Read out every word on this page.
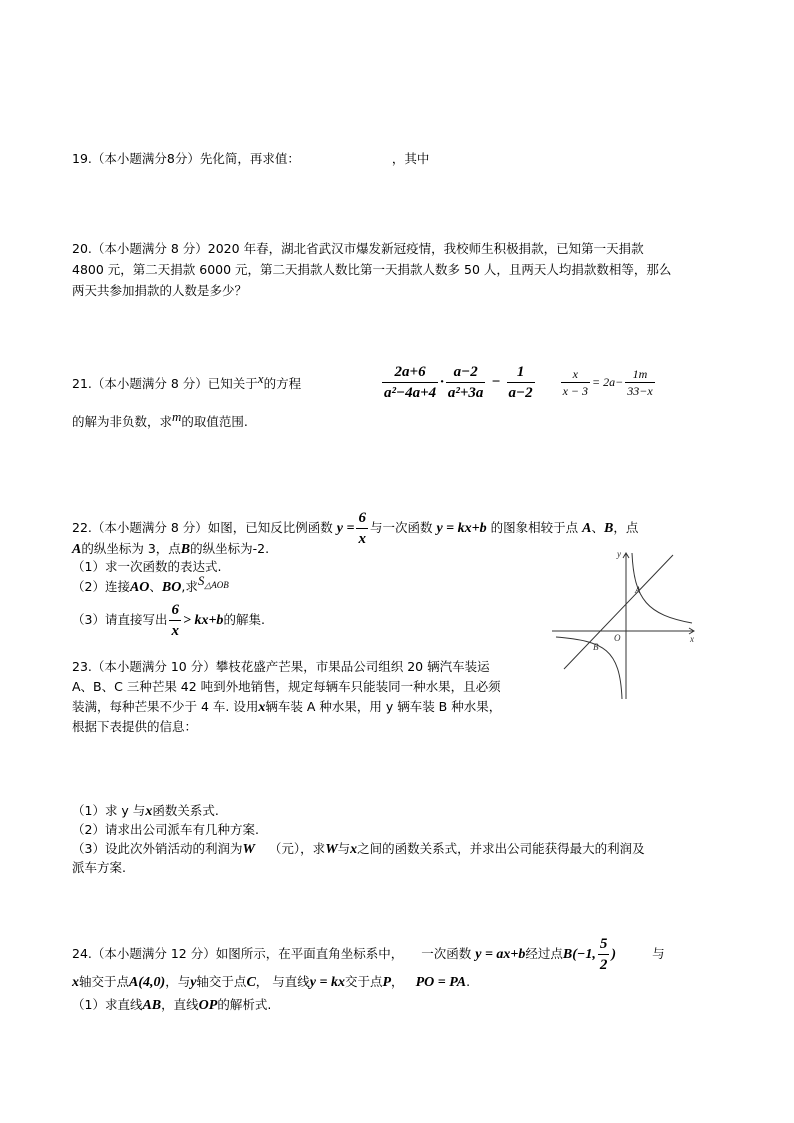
19.（本小题满分8分）先化简，再求值：	，其中
20.（本小题满分 8 分）2020 年春，湖北省武汉市爆发新冠疫情，我校师生积极捐款，已知第一天捐款
4800 元，第二天捐款 6000 元，第二天捐款人数比第一天捐款人数多 50 人，且两天人均捐款数相等，那么
两天共参加捐款的人数是多少？
21.（本小题满分 8 分）已知关于$^x$的方程	$\frac{2a+6}{\text{a²−4a+4}} \cdot \frac{a-2}{\text{a²+3a}} - \frac{1}{a-2}$
$\frac{x}{x - 3} = 2a- \frac{1m}{33-x}$
的解为非负数，求$^m$的取值范围.
22.（本小题满分 8 分）如图，已知反比例函数 $y = \frac{6}{x}$ 与一次函数 y = kx+b 的图象相较于点 A、B，点
A的纵坐标为 3，点B的纵坐标为-2.
（1）求一次函数的表达式.
（2）连接AO、BO,求$S_{\triangle AOB}$
（3）请直接写出 $\frac{6}{x} > kx+b$的解集.
y
x
O
A
B
23.（本小题满分 10 分）攀枝花盛产芒果，市果品公司组织 20 辆汽车装运
A、B、C 三种芒果 42 吨到外地销售，规定每辆车只能装同一种水果，且必须
装满，每种芒果不少于 4 车. 设用x辆车装 A 种水果，用 y 辆车装 B 种水果，
根据下表提供的信息：
（1）求 y 与x函数关系式.
（2）请求出公司派车有几种方案.
（3）设此次外销活动的利润为W （元），求W与x之间的函数关系式，并求出公司能获得最大的利润及
派车方案.
24.（本小题满分 12 分）如图所示，在平面直角坐标系中， 一次函数 y = ax+b经过点B(−1, $\frac{5}{2}$ )	与
x轴交于点A(4,0)，与y轴交于点C， 与直线y = kx交于点P， PO = PA.
（1）求直线AB，直线OP的解析式.
